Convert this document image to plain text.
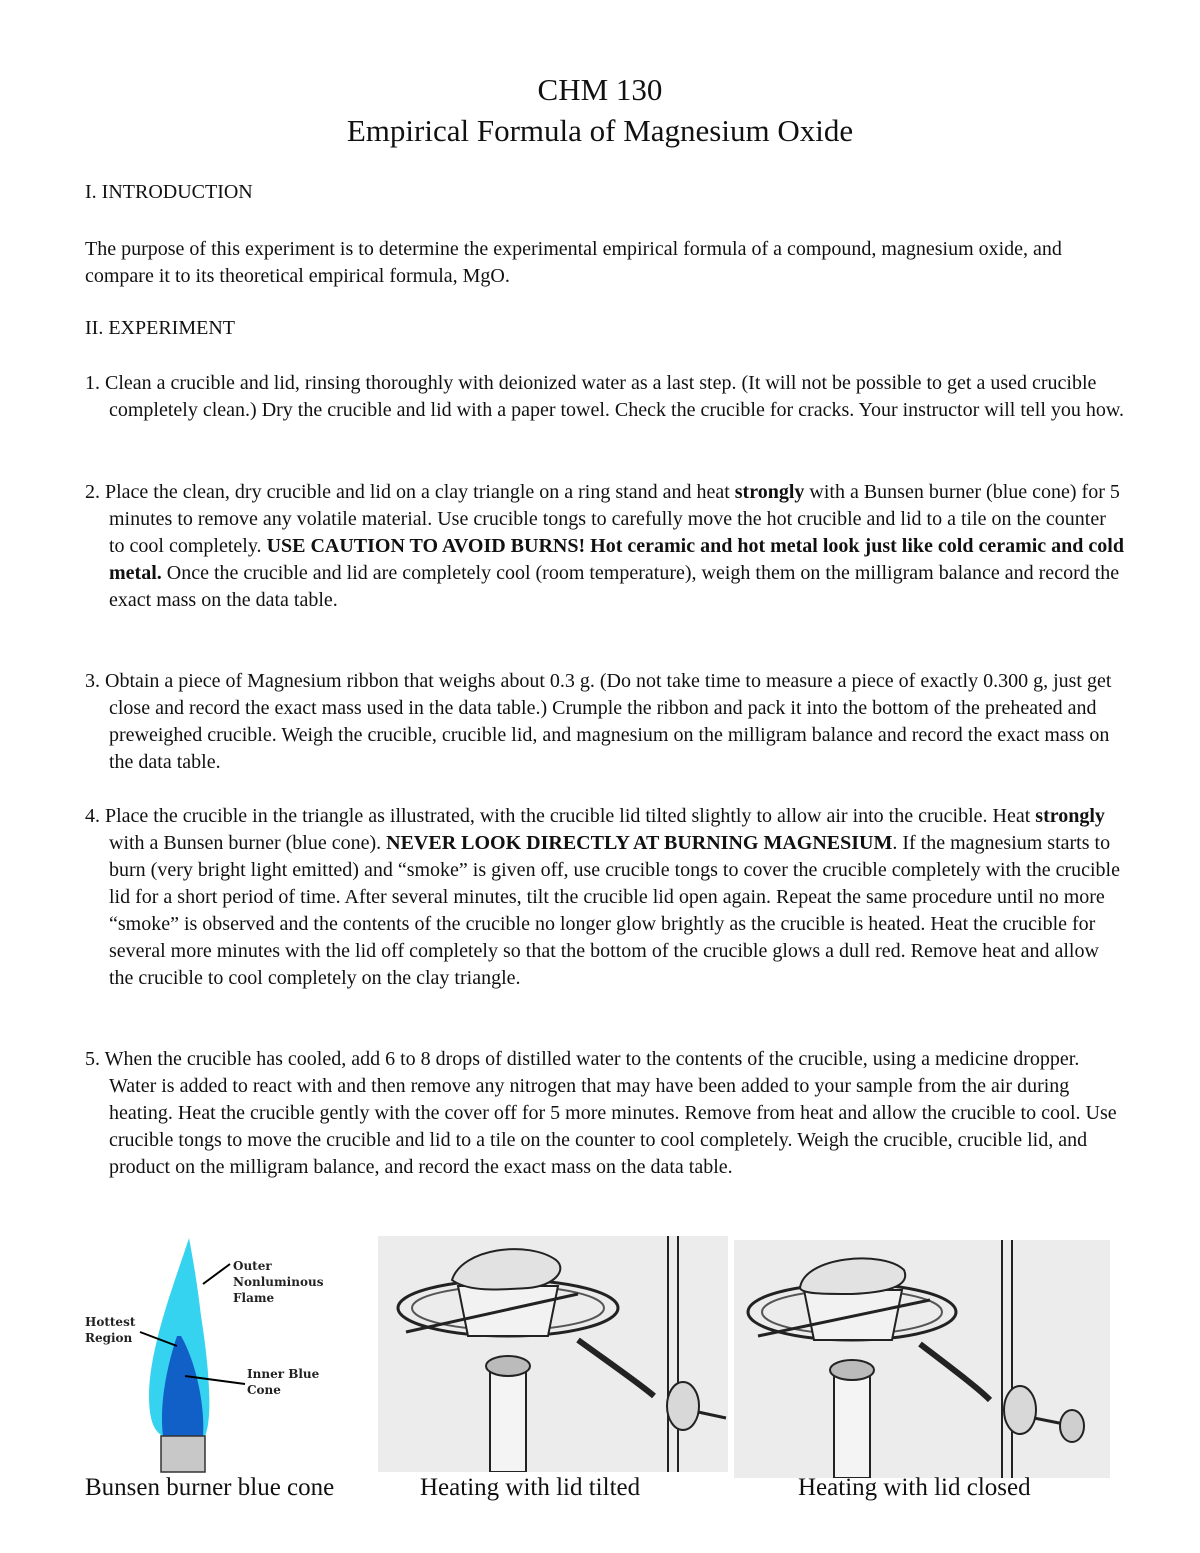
CHM 130
Empirical Formula of Magnesium Oxide
I. INTRODUCTION
The purpose of this experiment is to determine the experimental empirical formula of a compound, magnesium oxide, and compare it to its theoretical empirical formula, MgO.
II. EXPERIMENT
1. Clean a crucible and lid, rinsing thoroughly with deionized water as a last step. (It will not be possible to get a used crucible completely clean.) Dry the crucible and lid with a paper towel. Check the crucible for cracks. Your instructor will tell you how.
2. Place the clean, dry crucible and lid on a clay triangle on a ring stand and heat strongly with a Bunsen burner (blue cone) for 5 minutes to remove any volatile material. Use crucible tongs to carefully move the hot crucible and lid to a tile on the counter to cool completely. USE CAUTION TO AVOID BURNS! Hot ceramic and hot metal look just like cold ceramic and cold metal. Once the crucible and lid are completely cool (room temperature), weigh them on the milligram balance and record the exact mass on the data table.
3. Obtain a piece of Magnesium ribbon that weighs about 0.3 g. (Do not take time to measure a piece of exactly 0.300 g, just get close and record the exact mass used in the data table.) Crumple the ribbon and pack it into the bottom of the preheated and preweighed crucible. Weigh the crucible, crucible lid, and magnesium on the milligram balance and record the exact mass on the data table.
4. Place the crucible in the triangle as illustrated, with the crucible lid tilted slightly to allow air into the crucible. Heat strongly with a Bunsen burner (blue cone). NEVER LOOK DIRECTLY AT BURNING MAGNESIUM. If the magnesium starts to burn (very bright light emitted) and “smoke” is given off, use crucible tongs to cover the crucible completely with the crucible lid for a short period of time. After several minutes, tilt the crucible lid open again. Repeat the same procedure until no more “smoke” is observed and the contents of the crucible no longer glow brightly as the crucible is heated. Heat the crucible for several more minutes with the lid off completely so that the bottom of the crucible glows a dull red. Remove heat and allow the crucible to cool completely on the clay triangle.
5. When the crucible has cooled, add 6 to 8 drops of distilled water to the contents of the crucible, using a medicine dropper. Water is added to react with and then remove any nitrogen that may have been added to your sample from the air during heating. Heat the crucible gently with the cover off for 5 more minutes. Remove from heat and allow the crucible to cool. Use crucible tongs to move the crucible and lid to a tile on the counter to cool completely. Weigh the crucible, crucible lid, and product on the milligram balance, and record the exact mass on the data table.
Outer
Nonluminous
Flame
Hottest
Region
Inner Blue
Cone
Bunsen burner blue cone	Heating with lid tilted	Heating with lid closed
